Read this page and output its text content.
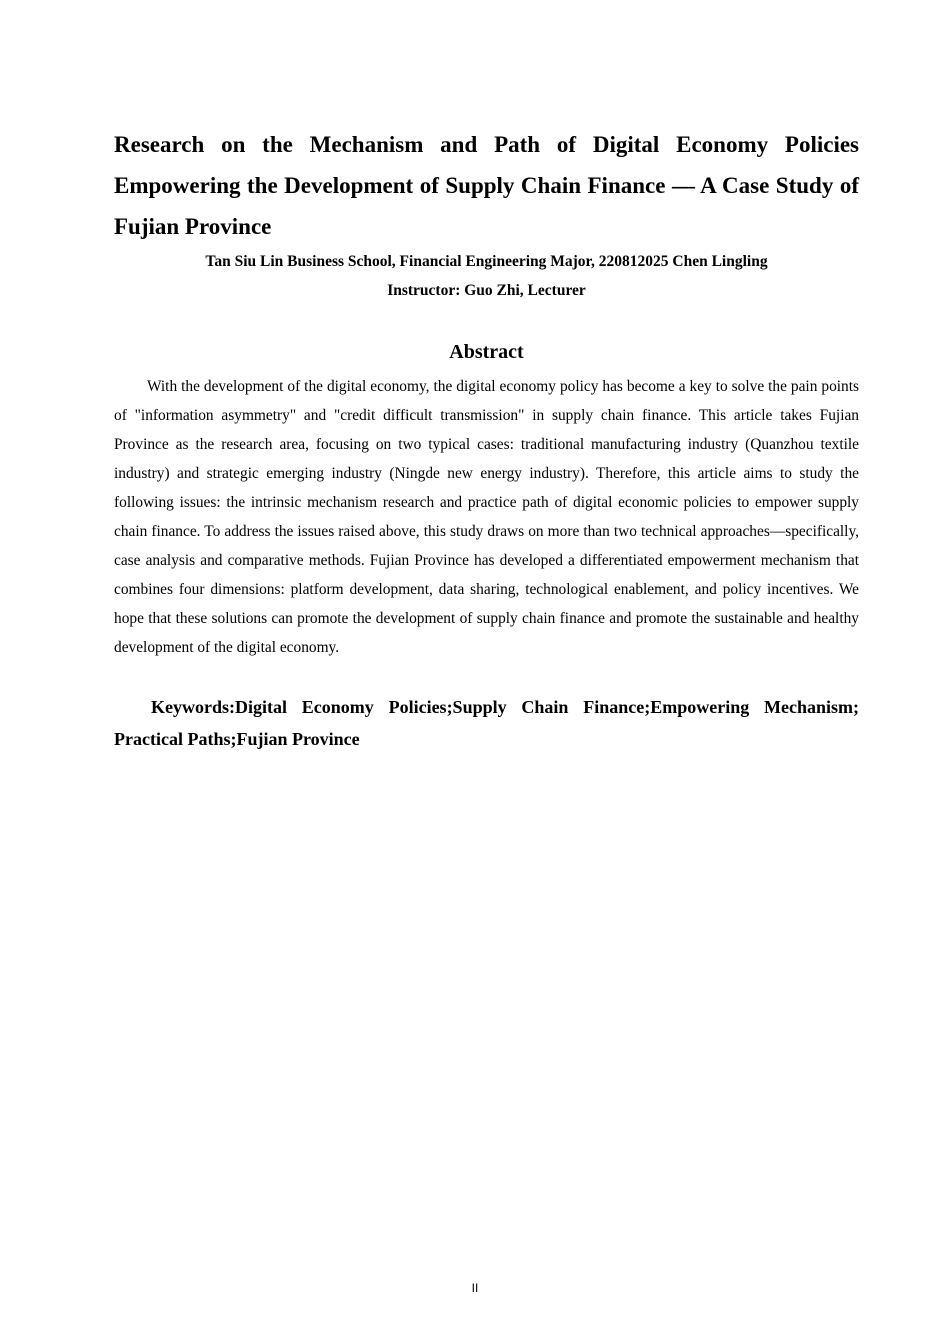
Research on the Mechanism and Path of Digital Economy Policies Empowering the Development of Supply Chain Finance — A Case Study of Fujian Province

Tan Siu Lin Business School, Financial Engineering Major, 220812025 Chen Lingling

Instructor: Guo Zhi, Lecturer

Abstract

With the development of the digital economy, the digital economy policy has become a key to solve the pain points of "information asymmetry" and "credit difficult transmission" in supply chain finance. This article takes Fujian Province as the research area, focusing on two typical cases: traditional manufacturing industry (Quanzhou textile industry) and strategic emerging industry (Ningde new energy industry). Therefore, this article aims to study the following issues: the intrinsic mechanism research and practice path of digital economic policies to empower supply chain finance. To address the issues raised above, this study draws on more than two technical approaches—specifically, case analysis and comparative methods. Fujian Province has developed a differentiated empowerment mechanism that combines four dimensions: platform development, data sharing, technological enablement, and policy incentives. We hope that these solutions can promote the development of supply chain finance and promote the sustainable and healthy development of the digital economy.

Keywords:Digital Economy Policies;Supply Chain Finance;Empowering Mechanism; Practical Paths;Fujian Province

II
